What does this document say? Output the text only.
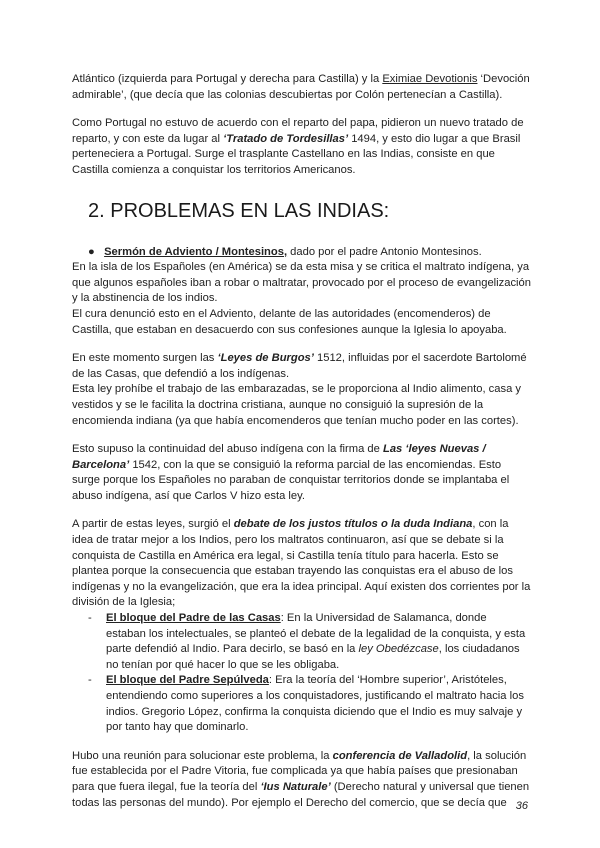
Atlántico (izquierda para Portugal y derecha para Castilla) y la Eximiae Devotionis ‘Devoción
admirable’, (que decía que las colonias descubiertas por Colón pertenecían a Castilla).
Como Portugal no estuvo de acuerdo con el reparto del papa, pidieron un nuevo tratado de
reparto, y con este da lugar al ‘Tratado de Tordesillas’ 1494, y esto dio lugar a que Brasil
perteneciera a Portugal. Surge el trasplante Castellano en las Indias, consiste en que
Castilla comienza a conquistar los territorios Americanos.
2. PROBLEMAS EN LAS INDIAS:
● Sermón de Adviento / Montesinos, dado por el padre Antonio Montesinos.
En la isla de los Españoles (en América) se da esta misa y se critica el maltrato indígena, ya
que algunos españoles iban a robar o maltratar, provocado por el proceso de evangelización
y la abstinencia de los indios.
El cura denunció esto en el Adviento, delante de las autoridades (encomenderos) de
Castilla, que estaban en desacuerdo con sus confesiones aunque la Iglesia lo apoyaba.
En este momento surgen las ‘Leyes de Burgos’ 1512, influidas por el sacerdote Bartolomé
de las Casas, que defendió a los indígenas.
Esta ley prohíbe el trabajo de las embarazadas, se le proporciona al Indio alimento, casa y
vestidos y se le facilita la doctrina cristiana, aunque no consiguió la supresión de la
encomienda indiana (ya que había encomenderos que tenían mucho poder en las cortes).
Esto supuso la continuidad del abuso indígena con la firma de Las ‘leyes Nuevas /
Barcelona’ 1542, con la que se consiguió la reforma parcial de las encomiendas. Esto
surge porque los Españoles no paraban de conquistar territorios donde se implantaba el
abuso indígena, así que Carlos V hizo esta ley.
A partir de estas leyes, surgió el debate de los justos títulos o la duda Indiana, con la
idea de tratar mejor a los Indios, pero los maltratos continuaron, así que se debate si la
conquista de Castilla en América era legal, si Castilla tenía título para hacerla. Esto se
plantea porque la consecuencia que estaban trayendo las conquistas era el abuso de los
indígenas y no la evangelización, que era la idea principal. Aquí existen dos corrientes por la
división de la Iglesia;
- El bloque del Padre de las Casas: En la Universidad de Salamanca, donde
estaban los intelectuales, se planteó el debate de la legalidad de la conquista, y esta
parte defendió al Indio. Para decirlo, se basó en la ley Obedézcase, los ciudadanos
no tenían por qué hacer lo que se les obligaba.
- El bloque del Padre Sepúlveda: Era la teoría del ‘Hombre superior’, Aristóteles,
entendiendo como superiores a los conquistadores, justificando el maltrato hacia los
indios. Gregorio López, confirma la conquista diciendo que el Indio es muy salvaje y
por tanto hay que dominarlo.
Hubo una reunión para solucionar este problema, la conferencia de Valladolid, la solución
fue establecida por el Padre Vitoria, fue complicada ya que había países que presionaban
para que fuera ilegal, fue la teoría del ‘Ius Naturale’ (Derecho natural y universal que tienen
todas las personas del mundo). Por ejemplo el Derecho del comercio, que se decía que 36
